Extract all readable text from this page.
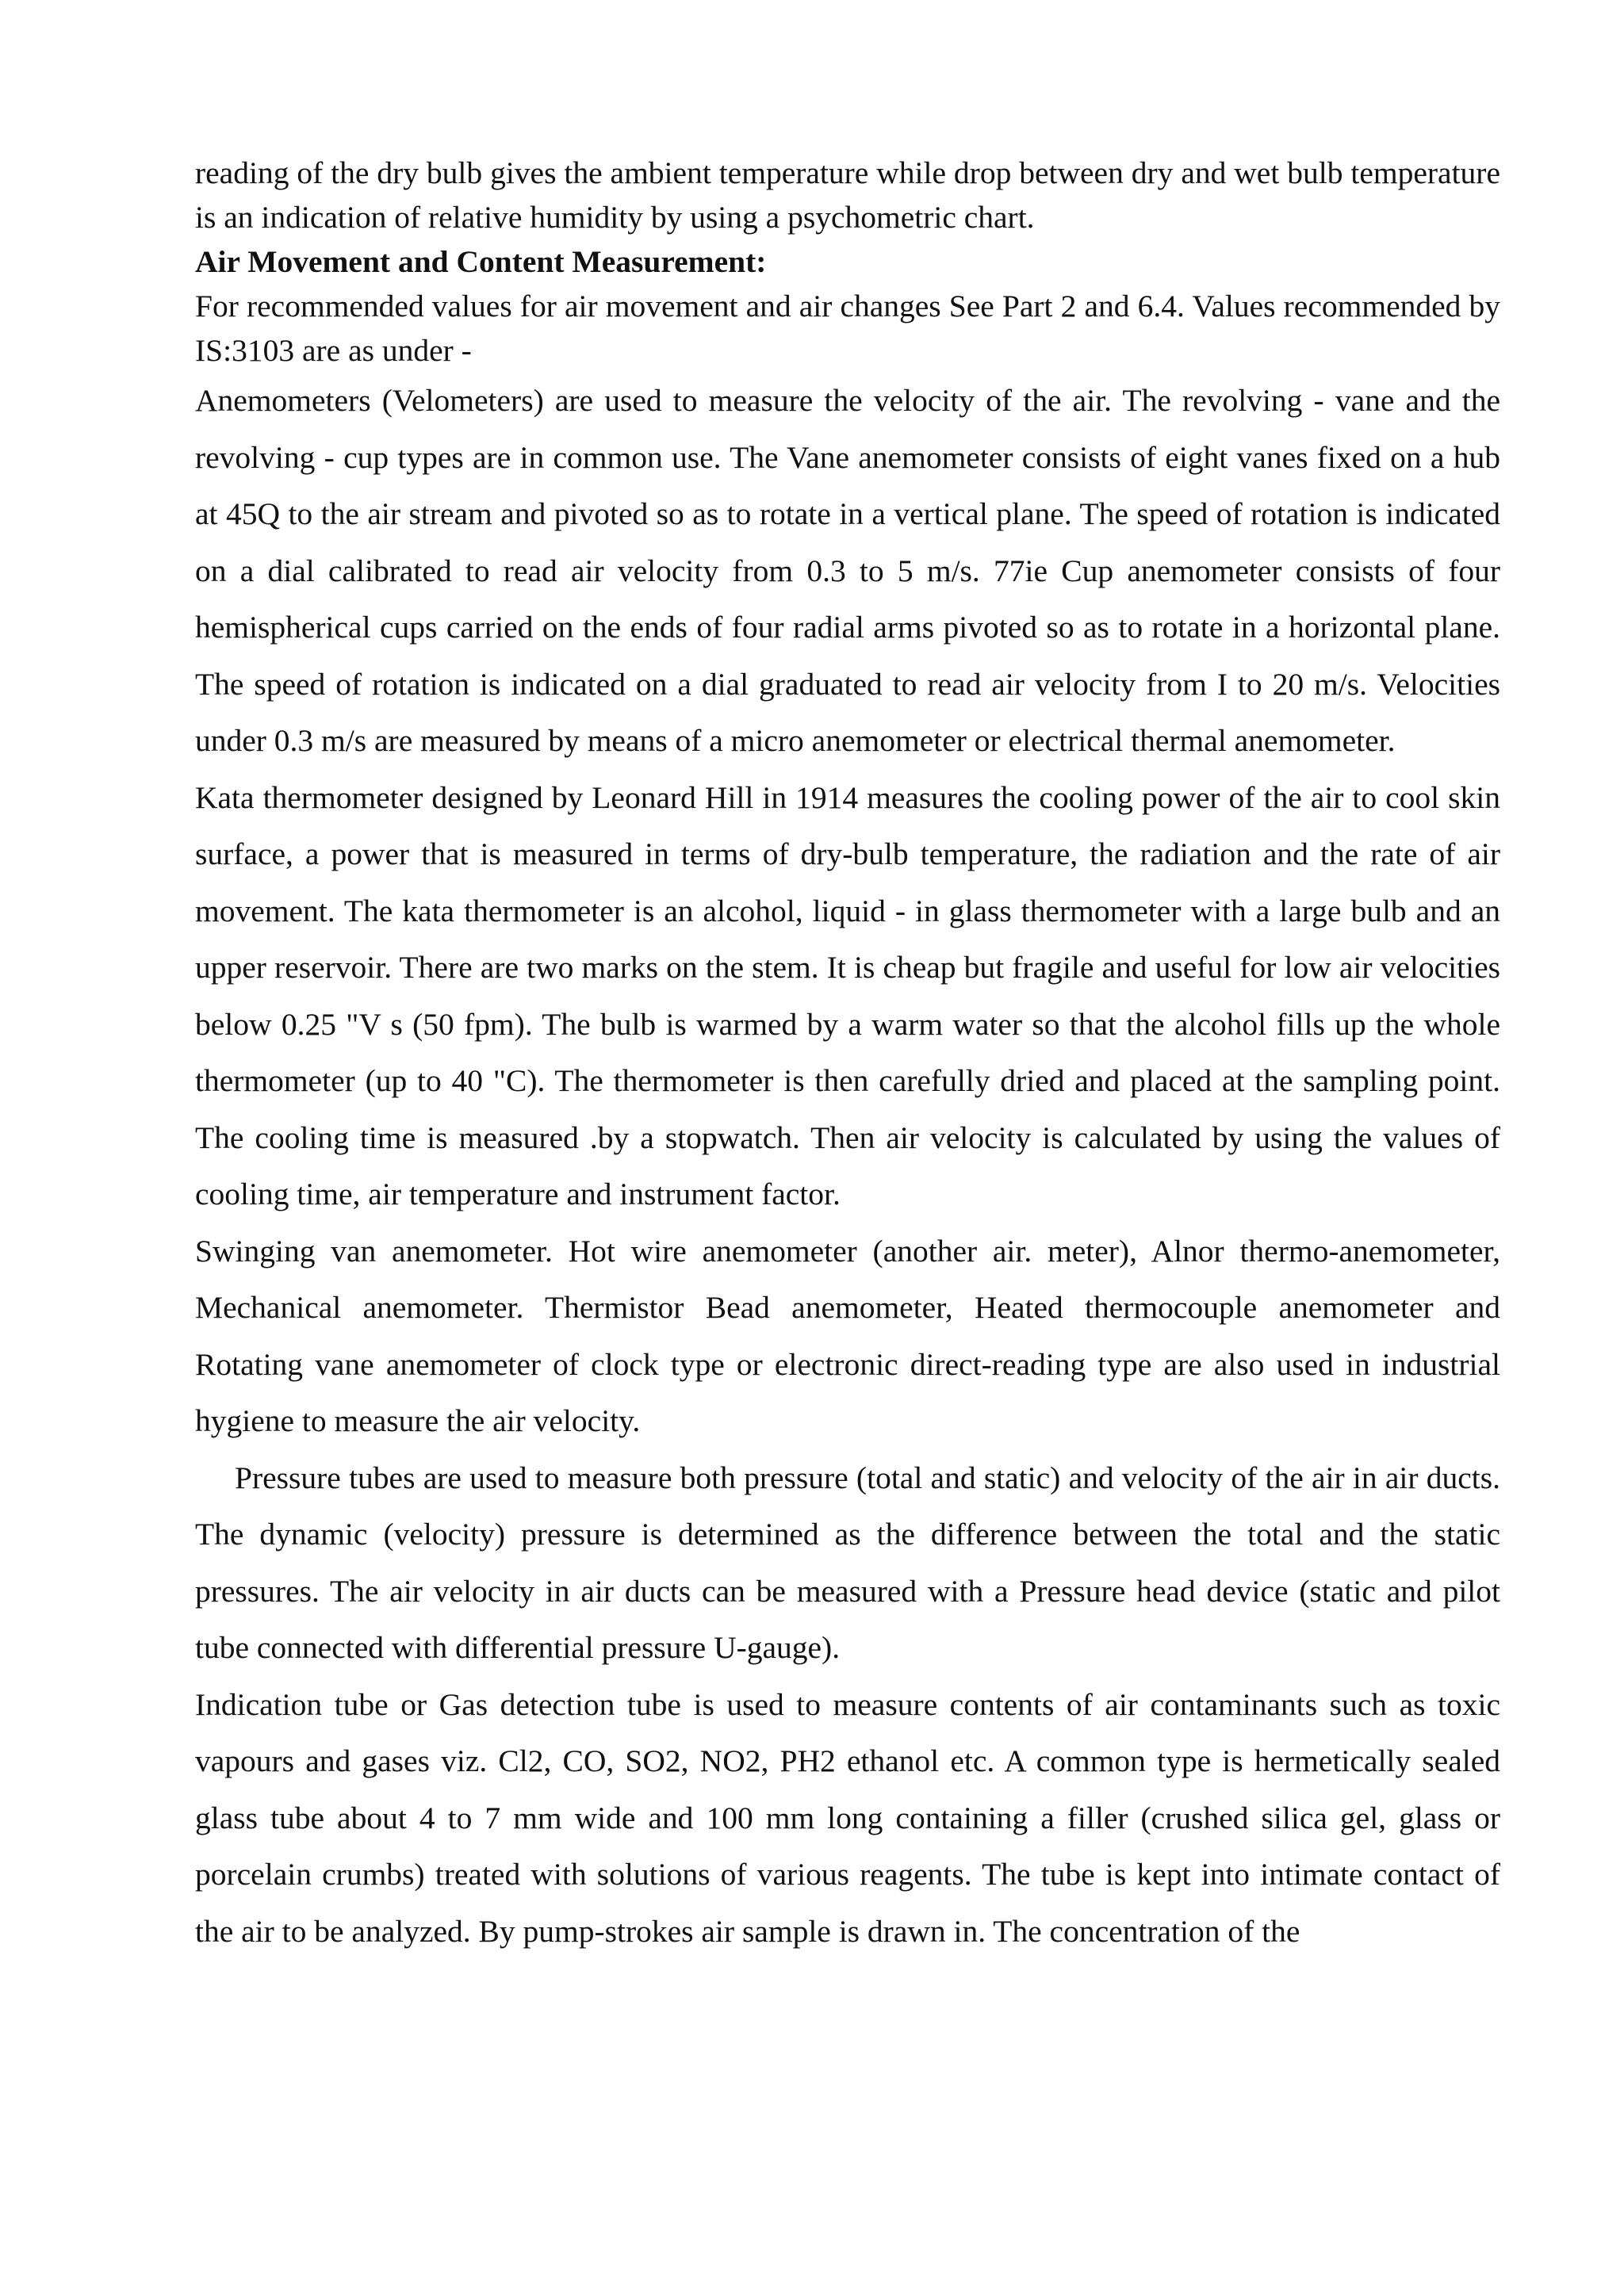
reading of the dry bulb gives the ambient temperature while drop between dry and wet bulb temperature is an indication of relative humidity by using a psychometric chart.

Air Movement and Content Measurement:

For recommended values for air movement and air changes See Part 2 and 6.4. Values recommended by IS:3103 are as under -

Anemometers (Velometers) are used to measure the velocity of the air. The revolving - vane and the revolving - cup types are in common use. The Vane anemometer consists of eight vanes fixed on a hub at 45Q to the air stream and pivoted so as to rotate in a vertical plane. The speed of rotation is indicated on a dial calibrated to read air velocity from 0.3 to 5 m/s. 77ie Cup anemometer consists of four hemispherical cups carried on the ends of four radial arms pivoted so as to rotate in a horizontal plane. The speed of rotation is indicated on a dial graduated to read air velocity from I to 20 m/s. Velocities under 0.3 m/s are measured by means of a micro anemometer or electrical thermal anemometer.

Kata thermometer designed by Leonard Hill in 1914 measures the cooling power of the air to cool skin surface, a power that is measured in terms of dry-bulb temperature, the radiation and the rate of air movement. The kata thermometer is an alcohol, liquid - in glass thermometer with a large bulb and an upper reservoir. There are two marks on the stem. It is cheap but fragile and useful for low air velocities below 0.25 "V s (50 fpm). The bulb is warmed by a warm water so that the alcohol fills up the whole thermometer (up to 40 "C). The thermometer is then carefully dried and placed at the sampling point. The cooling time is measured .by a stopwatch. Then air velocity is calculated by using the values of cooling time, air temperature and instrument factor.

Swinging van anemometer. Hot wire anemometer (another air. meter), Alnor thermo-anemometer, Mechanical anemometer. Thermistor Bead anemometer, Heated thermocouple anemometer and Rotating vane anemometer of clock type or electronic direct-reading type are also used in industrial hygiene to measure the air velocity.

Pressure tubes are used to measure both pressure (total and static) and velocity of the air in air ducts. The dynamic (velocity) pressure is determined as the difference between the total and the static pressures. The air velocity in air ducts can be measured with a Pressure head device (static and pilot tube connected with differential pressure U-gauge).

Indication tube or Gas detection tube is used to measure contents of air contaminants such as toxic vapours and gases viz. Cl2, CO, SO2, NO2, PH2 ethanol etc. A common type is hermetically sealed glass tube about 4 to 7 mm wide and 100 mm long containing a filler (crushed silica gel, glass or porcelain crumbs) treated with solutions of various reagents. The tube is kept into intimate contact of the air to be analyzed. By pump-strokes air sample is drawn in. The concentration of the
